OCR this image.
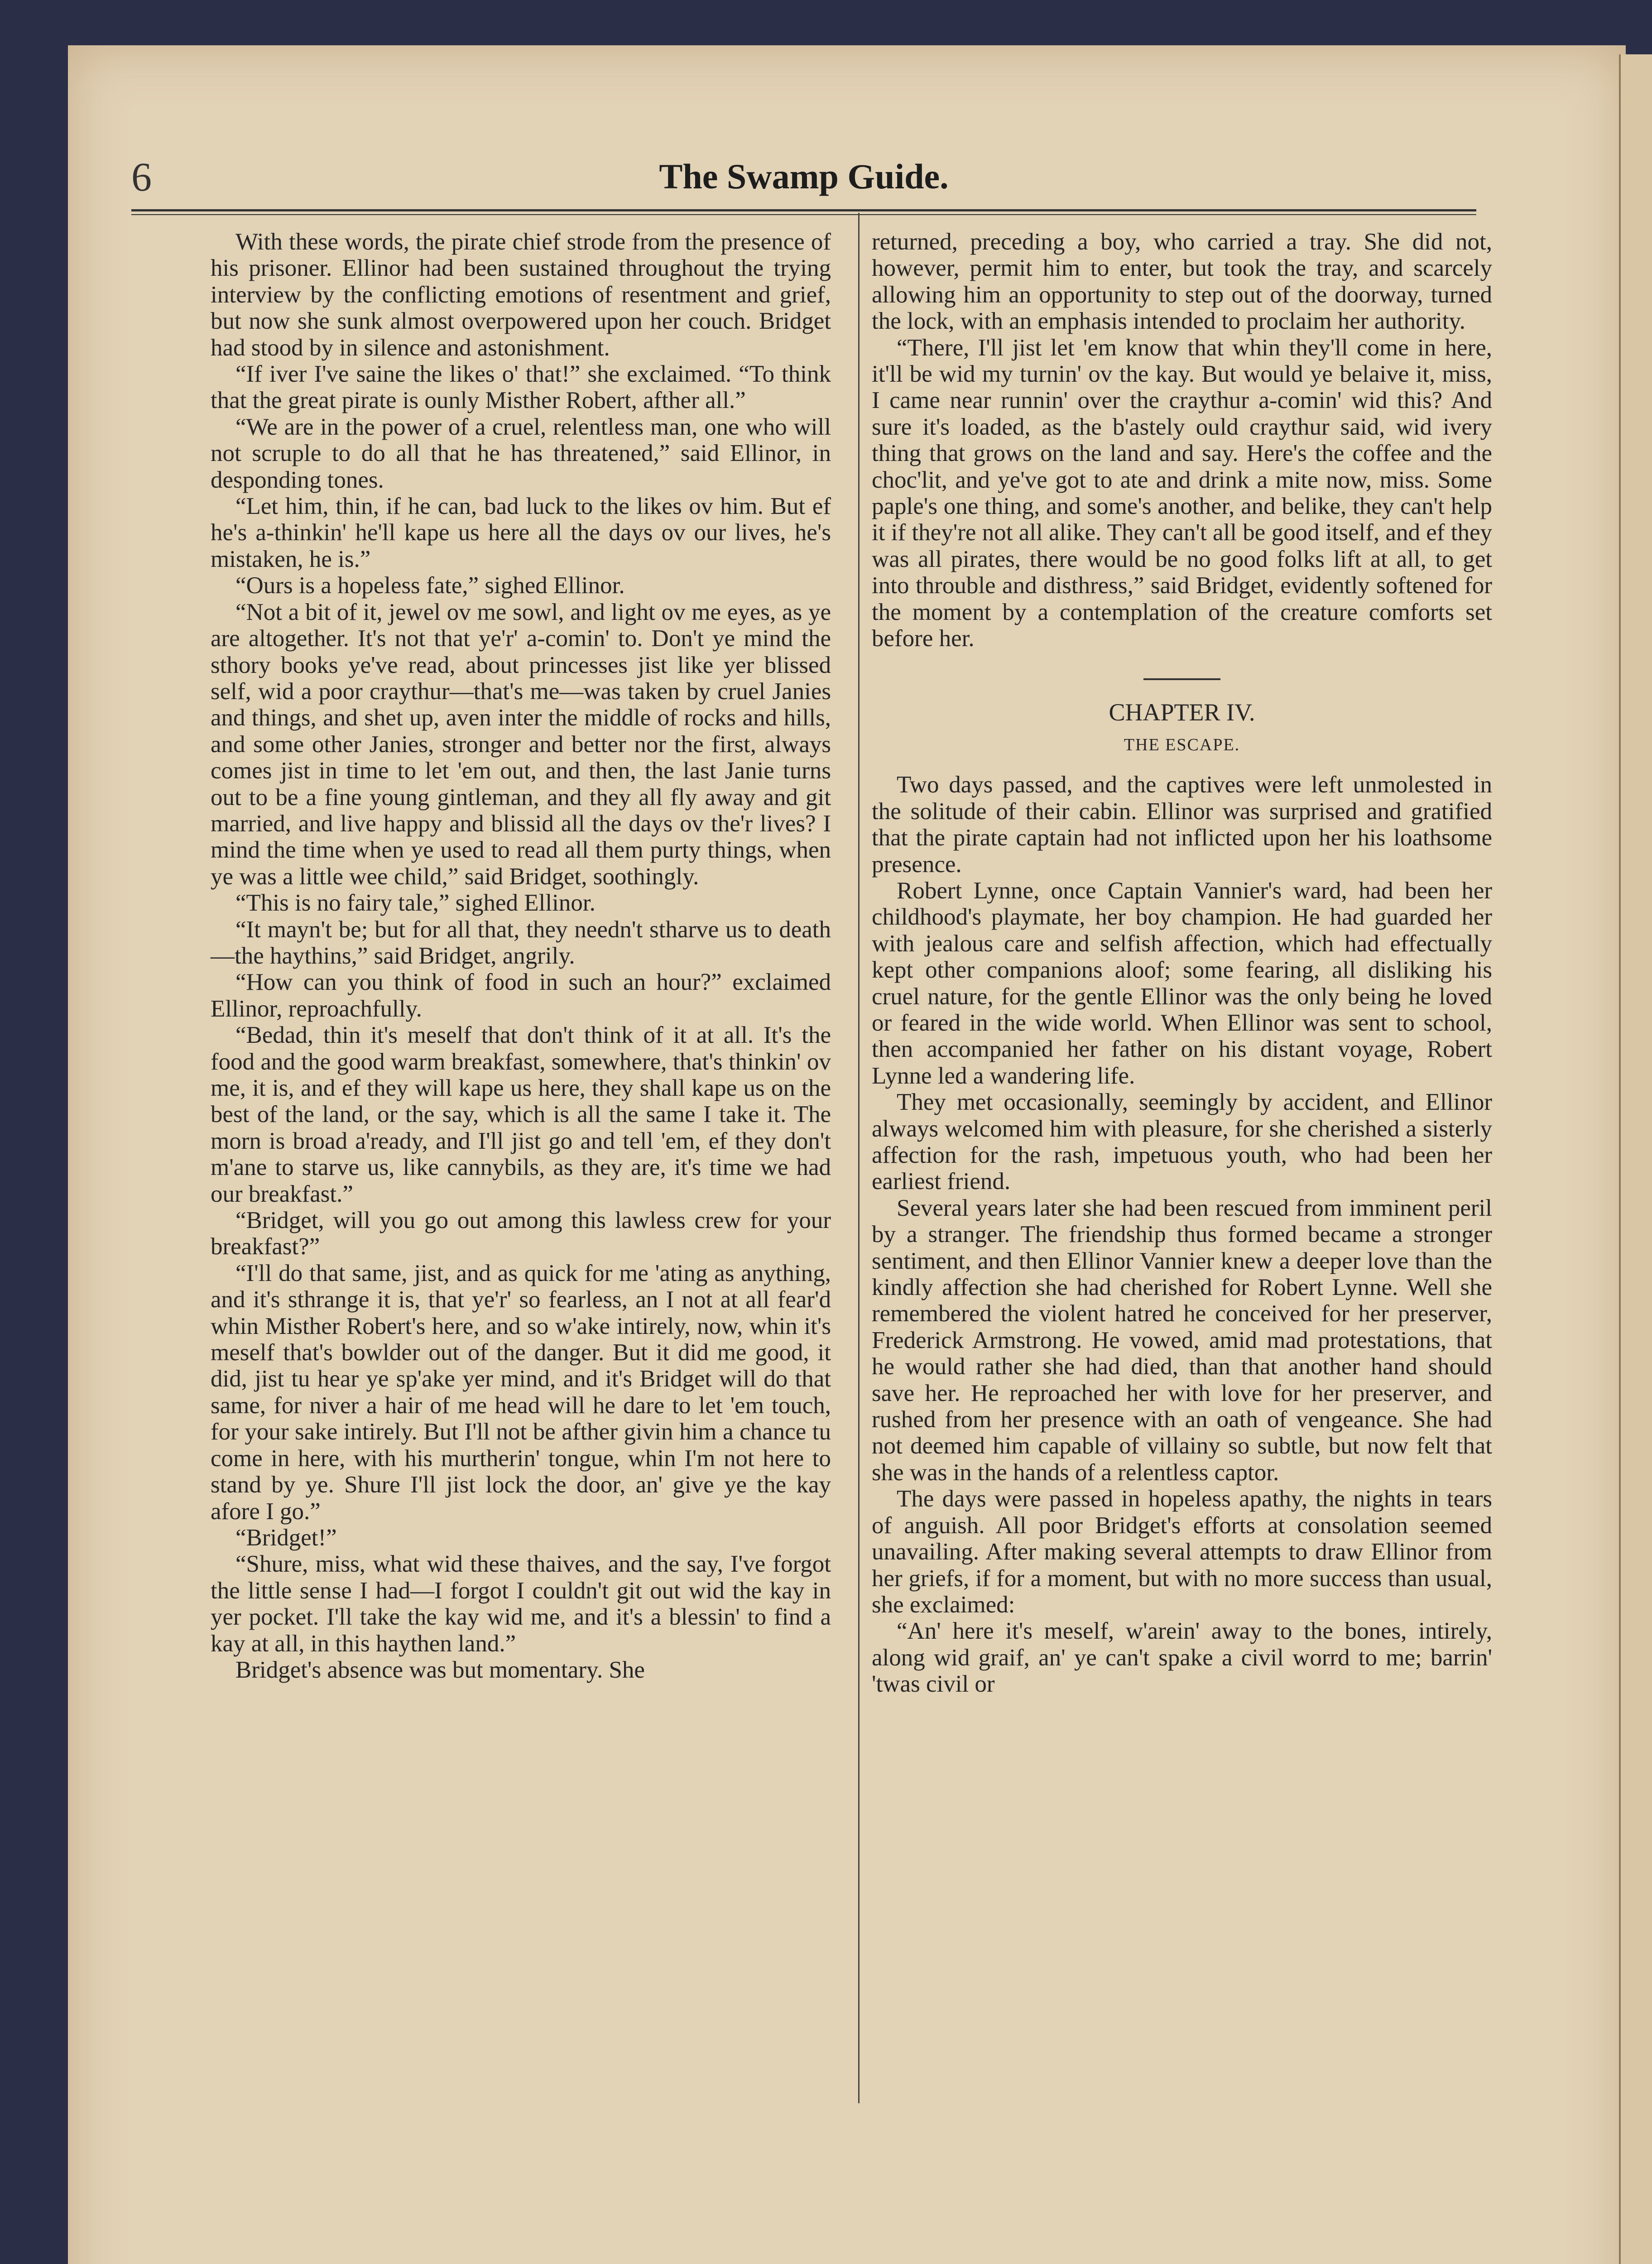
6	The Swamp Guide.

With these words, the pirate chief strode from the presence of his prisoner. Ellinor had been sustained throughout the trying interview by the conflicting emotions of resentment and grief, but now she sunk almost overpowered upon her couch. Bridget had stood by in silence and astonishment.

“If iver I've saine the likes o' that!” she exclaimed. “To think that the great pirate is ounly Misther Robert, afther all.”

“We are in the power of a cruel, relentless man, one who will not scruple to do all that he has threatened,” said Ellinor, in desponding tones.

“Let him, thin, if he can, bad luck to the likes ov him. But ef he's a-thinkin' he'll kape us here all the days ov our lives, he's mistaken, he is.”

“Ours is a hopeless fate,” sighed Ellinor.

“Not a bit of it, jewel ov me sowl, and light ov me eyes, as ye are altogether. It's not that ye'r' a-comin' to. Don't ye mind the sthory books ye've read, about princesses jist like yer blissed self, wid a poor craythur—that's me—was taken by cruel Janies and things, and shet up, aven inter the middle of rocks and hills, and some other Janies, stronger and better nor the first, always comes jist in time to let 'em out, and then, the last Janie turns out to be a fine young gintleman, and they all fly away and git married, and live happy and blissid all the days ov the'r lives? I mind the time when ye used to read all them purty things, when ye was a little wee child,” said Bridget, soothingly.

“This is no fairy tale,” sighed Ellinor.

“It mayn't be; but for all that, they needn't stharve us to death—the haythins,” said Bridget, angrily.

“How can you think of food in such an hour?” exclaimed Ellinor, reproachfully.

“Bedad, thin it's meself that don't think of it at all. It's the food and the good warm breakfast, somewhere, that's thinkin' ov me, it is, and ef they will kape us here, they shall kape us on the best of the land, or the say, which is all the same I take it. The morn is broad a'ready, and I'll jist go and tell 'em, ef they don't m'ane to starve us, like cannybils, as they are, it's time we had our breakfast.”

“Bridget, will you go out among this lawless crew for your breakfast?”

“I'll do that same, jist, and as quick for me 'ating as anything, and it's sthrange it is, that ye'r' so fearless, an I not at all fear'd whin Misther Robert's here, and so w'ake intirely, now, whin it's meself that's bowlder out of the danger. But it did me good, it did, jist tu hear ye sp'ake yer mind, and it's Bridget will do that same, for niver a hair of me head will he dare to let 'em touch, for your sake intirely. But I'll not be afther givin him a chance tu come in here, with his murtherin' tongue, whin I'm not here to stand by ye. Shure I'll jist lock the door, an' give ye the kay afore I go.”

“Bridget!”

“Shure, miss, what wid these thaives, and the say, I've forgot the little sense I had—I forgot I couldn't git out wid the kay in yer pocket. I'll take the kay wid me, and it's a blessin' to find a kay at all, in this haythen land.”

Bridget's absence was but momentary. She

returned, preceding a boy, who carried a tray. She did not, however, permit him to enter, but took the tray, and scarcely allowing him an opportunity to step out of the doorway, turned the lock, with an emphasis intended to proclaim her authority.

“There, I'll jist let 'em know that whin they'll come in here, it'll be wid my turnin' ov the kay. But would ye belaive it, miss, I came near runnin' over the craythur a-comin' wid this? And sure it's loaded, as the b'astely ould craythur said, wid ivery thing that grows on the land and say. Here's the coffee and the choc'lit, and ye've got to ate and drink a mite now, miss. Some paple's one thing, and some's another, and belike, they can't help it if they're not all alike. They can't all be good itself, and ef they was all pirates, there would be no good folks lift at all, to get into throuble and disthress,” said Bridget, evidently softened for the moment by a contemplation of the creature comforts set before her.

CHAPTER IV.

THE ESCAPE.

Two days passed, and the captives were left unmolested in the solitude of their cabin. Ellinor was surprised and gratified that the pirate captain had not inflicted upon her his loathsome presence.

Robert Lynne, once Captain Vannier's ward, had been her childhood's playmate, her boy champion. He had guarded her with jealous care and selfish affection, which had effectually kept other companions aloof; some fearing, all disliking his cruel nature, for the gentle Ellinor was the only being he loved or feared in the wide world. When Ellinor was sent to school, then accompanied her father on his distant voyage, Robert Lynne led a wandering life.

They met occasionally, seemingly by accident, and Ellinor always welcomed him with pleasure, for she cherished a sisterly affection for the rash, impetuous youth, who had been her earliest friend.

Several years later she had been rescued from imminent peril by a stranger. The friendship thus formed became a stronger sentiment, and then Ellinor Vannier knew a deeper love than the kindly affection she had cherished for Robert Lynne. Well she remembered the violent hatred he conceived for her preserver, Frederick Armstrong. He vowed, amid mad protestations, that he would rather she had died, than that another hand should save her. He reproached her with love for her preserver, and rushed from her presence with an oath of vengeance. She had not deemed him capable of villainy so subtle, but now felt that she was in the hands of a relentless captor.

The days were passed in hopeless apathy, the nights in tears of anguish. All poor Bridget's efforts at consolation seemed unavailing. After making several attempts to draw Ellinor from her griefs, if for a moment, but with no more success than usual, she exclaimed:

“An' here it's meself, w'arein' away to the bones, intirely, along wid graif, an' ye can't spake a civil worrd to me; barrin' 'twas civil or
